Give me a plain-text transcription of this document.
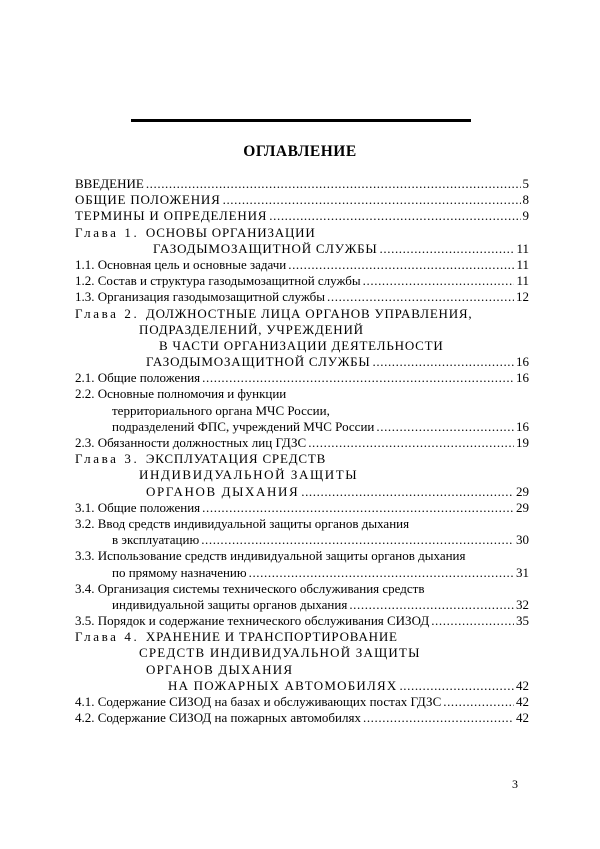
ОГЛАВЛЕНИЕ
ВВЕДЕНИЕ .....	5
ОБЩИЕ ПОЛОЖЕНИЯ .....	8
ТЕРМИНЫ И ОПРЕДЕЛЕНИЯ .....	9
Глава 1. ОСНОВЫ ОРГАНИЗАЦИИ
ГАЗОДЫМОЗАЩИТНОЙ СЛУЖБЫ .....	11
1.1. Основная цель и основные задачи .....	11
1.2. Состав и структура газодымозащитной службы .....	11
1.3. Организация газодымозащитной службы .....	12
Глава 2. ДОЛЖНОСТНЫЕ ЛИЦА ОРГАНОВ УПРАВЛЕНИЯ,
ПОДРАЗДЕЛЕНИЙ, УЧРЕЖДЕНИЙ
В ЧАСТИ ОРГАНИЗАЦИИ ДЕЯТЕЛЬНОСТИ
ГАЗОДЫМОЗАЩИТНОЙ СЛУЖБЫ .....	16
2.1. Общие положения .....	16
2.2. Основные полномочия и функции
территориального органа МЧС России,
подразделений ФПС, учреждений МЧС России .....	16
2.3. Обязанности должностных лиц ГДЗС .....	19
Глава 3. ЭКСПЛУАТАЦИЯ СРЕДСТВ
ИНДИВИДУАЛЬНОЙ ЗАЩИТЫ
ОРГАНОВ ДЫХАНИЯ .....	29
3.1. Общие положения .....	29
3.2. Ввод средств индивидуальной защиты органов дыхания
в эксплуатацию .....	30
3.3. Использование средств индивидуальной защиты органов дыхания
по прямому назначению .....	31
3.4. Организация системы технического обслуживания средств
индивидуальной защиты органов дыхания .....	32
3.5. Порядок и содержание технического обслуживания СИЗОД .....	35
Глава 4. ХРАНЕНИЕ И ТРАНСПОРТИРОВАНИЕ
СРЕДСТВ ИНДИВИДУАЛЬНОЙ ЗАЩИТЫ
ОРГАНОВ ДЫХАНИЯ
НА ПОЖАРНЫХ АВТОМОБИЛЯХ .....	42
4.1. Содержание СИЗОД на базах и обслуживающих постах ГДЗС .....	42
4.2. Содержание СИЗОД на пожарных автомобилях .....	42
3
